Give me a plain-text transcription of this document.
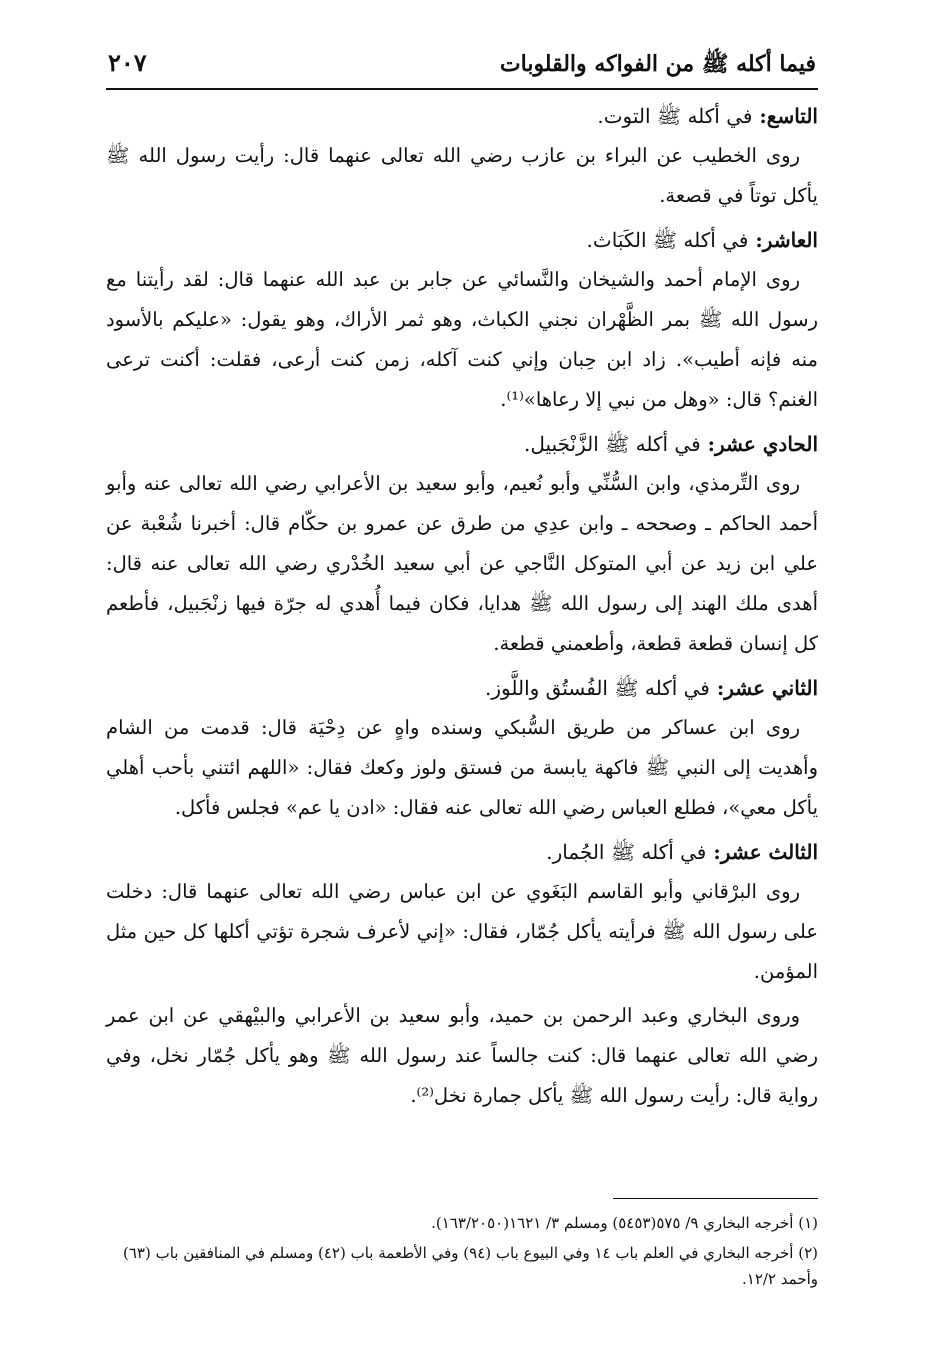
فيما أكله ﷺ من الفواكه والقلوبات
٢٠٧

التاسع: في أكله ﷺ التوت.

روى الخطيب عن البراء بن عازب رضي الله تعالى عنهما قال: رأيت رسول الله ﷺ يأكل توتاً في قصعة.

العاشر: في أكله ﷺ الكَبَاث.

روى الإمام أحمد والشيخان والنَّسائي عن جابر بن عبد الله عنهما قال: لقد رأيتنا مع رسول الله ﷺ بمر الظَّهْران نجني الكباث، وهو ثمر الأراك، وهو يقول: «عليكم بالأسود منه فإنه أطيب». زاد ابن حِبان وإني كنت آكله، زمن كنت أرعى، فقلت: أكنت ترعى الغنم؟ قال: «وهل من نبي إلا رعاها»⁽¹⁾.

الحادي عشر: في أكله ﷺ الزَّنْجَبيل.

روى التِّرمذي، وابن السُّنِّي وأبو نُعيم، وأبو سعيد بن الأعرابي رضي الله تعالى عنه وأبو أحمد الحاكم ـ وصححه ـ وابن عدِي من طرق عن عمرو بن حكّام قال: أخبرنا شُعْبة عن علي ابن زيد عن أبي المتوكل النَّاجي عن أبي سعيد الخُدْري رضي الله تعالى عنه قال: أهدى ملك الهند إلى رسول الله ﷺ هدايا، فكان فيما أُهدي له جرّة فيها زنْجَبيل، فأطعم كل إنسان قطعة قطعة، وأطعمني قطعة.

الثاني عشر: في أكله ﷺ الفُستُق واللَّوز.

روى ابن عساكر من طريق السُّبكي وسنده واهٍ عن دِحْيَة قال: قدمت من الشام وأهديت إلى النبي ﷺ فاكهة يابسة من فستق ولوز وكعك فقال: «اللهم ائتني بأحب أهلي يأكل معي»، فطلع العباس رضي الله تعالى عنه فقال: «ادن يا عم» فجلس فأكل.

الثالث عشر: في أكله ﷺ الجُمار.

روى البرْقاني وأبو القاسم البَغَوي عن ابن عباس رضي الله تعالى عنهما قال: دخلت على رسول الله ﷺ فرأيته يأكل جُمّار، فقال: «إني لأعرف شجرة تؤتي أكلها كل حين مثل المؤمن.

وروى البخاري وعبد الرحمن بن حميد، وأبو سعيد بن الأعرابي والبيْهقي عن ابن عمر رضي الله تعالى عنهما قال: كنت جالساً عند رسول الله ﷺ وهو يأكل جُمّار نخل، وفي رواية قال: رأيت رسول الله ﷺ يأكل جمارة نخل⁽²⁾.

(١) أخرجه البخاري ٩/ ٥٧٥(٥٤٥٣) ومسلم ٣/ ١٦٢١(١٦٣/٢٠٥٠).

(٢) أخرجه البخاري في العلم باب ١٤ وفي البيوع باب (٩٤) وفي الأطعمة باب (٤٢) ومسلم في المنافقين باب (٦٣) وأحمد ١٢/٢.
